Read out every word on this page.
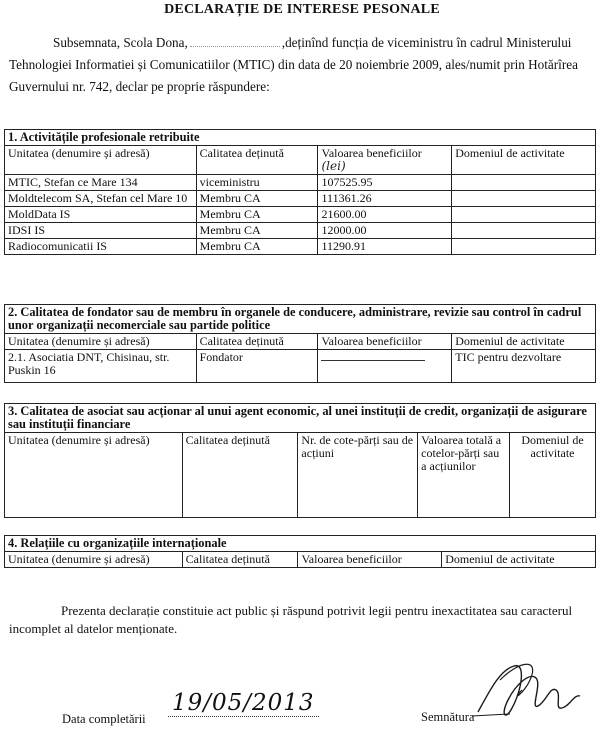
DECLARAȚIE DE INTERESE PESONALE
Subsemnata, Scola Dona,	,deținînd funcția de viceministru în cadrul Ministerului Tehnologiei Informatiei și Comunicatiilor (MTIC) din data de 20 noiembrie 2009, ales/numit prin Hotărîrea Guvernului nr. 742, declar pe proprie răspundere:
1. Activitățile profesionale retribuite			
Unitatea (denumire și adresă)	Calitatea deținută	Valoarea beneficiilor (lei)	Domeniul de activitate
MTIC, Stefan ce Mare 134	viceministru	107525.95	
Moldtelecom SA, Stefan cel Mare 10	Membru CA	111361.26	
MoldData IS	Membru CA	21600.00	
IDSI IS	Membru CA	12000.00	
Radiocomunicatii IS	Membru CA	11290.91	
2. Calitatea de fondator sau de membru în organele de conducere, administrare, revizie sau control în cadrul unor organizații necomerciale sau partide politice			
Unitatea (denumire și adresă)	Calitatea deținută	Valoarea beneficiilor	Domeniul de activitate
2.1. Asociatia DNT, Chisinau, str. Puskin 16	Fondator		TIC pentru dezvoltare
3. Calitatea de asociat sau acționar al unui agent economic, al unei instituții de credit, organizații de asigurare sau instituții financiare
Unitatea (denumire și adresă)	Calitatea deținută	Nr. de cote-părți sau de acțiuni	Valoarea totală a cotelor-părți sau a acțiunilor	Domeniul de activitate
4. Relațiile cu organizațiile internaționale
Unitatea (denumire și adresă)	Calitatea deținută	Valoarea beneficiilor	Domeniul de activitate
Prezenta declarație constituie act public și răspund potrivit legii pentru inexactitatea sau caracterul incomplet al datelor menționate.
Data completării
19/05/2013
Semnătura
